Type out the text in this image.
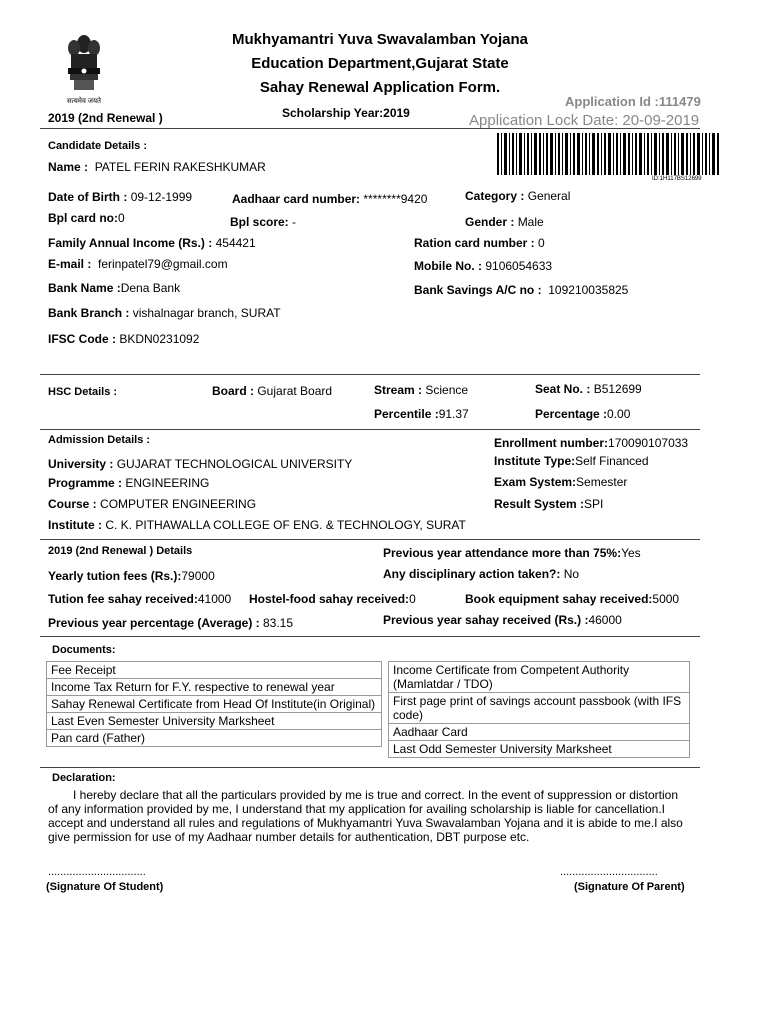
सत्यमेव जयते
Mukhyamantri Yuva Swavalamban Yojana
Education Department,Gujarat State
Sahay Renewal Application Form.
Application Id :111479
Application Lock Date: 20-09-2019
2019 (2nd Renewal )	Scholarship Year:2019
ID:1H117BS12699
Candidate Details :
Name : PATEL FERIN RAKESHKUMAR
Date of Birth : 09-12-1999	Aadhaar card number: ********9420	Category : General
Bpl card no:0	Bpl score: -	Gender : Male
Family Annual Income (Rs.) : 454421	Ration card number : 0
E-mail : ferinpatel79@gmail.com	Mobile No. : 9106054633
Bank Name :Dena Bank	Bank Savings A/C no : 109210035825
Bank Branch : vishalnagar branch, SURAT
IFSC Code : BKDN0231092
HSC Details :	Board : Gujarat Board	Stream : Science	Seat No. : B512699
Percentile :91.37	Percentage :0.00
Admission Details :	Enrollment number:170090107033
University : GUJARAT TECHNOLOGICAL UNIVERSITY	Institute Type:Self Financed
Programme : ENGINEERING	Exam System:Semester
Course : COMPUTER ENGINEERING	Result System :SPI
Institute : C. K. PITHAWALLA COLLEGE OF ENG. & TECHNOLOGY, SURAT
2019 (2nd Renewal ) Details	Previous year attendance more than 75%:Yes
Yearly tution fees (Rs.):79000	Any disciplinary action taken?: No
Tution fee sahay received:41000 Hostel-food sahay received:0	Book equipment sahay received:5000
Previous year percentage (Average) : 83.15	Previous year sahay received (Rs.) :46000
Documents:
Fee Receipt
Income Tax Return for F.Y. respective to renewal year
Sahay Renewal Certificate from Head Of Institute(in Original)
Last Even Semester University Marksheet
Pan card (Father)
Income Certificate from Competent Authority (Mamlatdar / TDO)
First page print of savings account passbook (with IFS code)
Aadhaar Card
Last Odd Semester University Marksheet
Declaration:
I hereby declare that all the particulars provided by me is true and correct. In the event of suppression or distortion
of any information provided by me, I understand that my application for availing scholarship is liable for cancellation.I
accept and understand all rules and regulations of Mukhyamantri Yuva Swavalamban Yojana and it is abide to me.I also
give permission for use of my Aadhaar number details for authentication, DBT purpose etc.
................................
(Signature Of Student)
................................
(Signature Of Parent)
